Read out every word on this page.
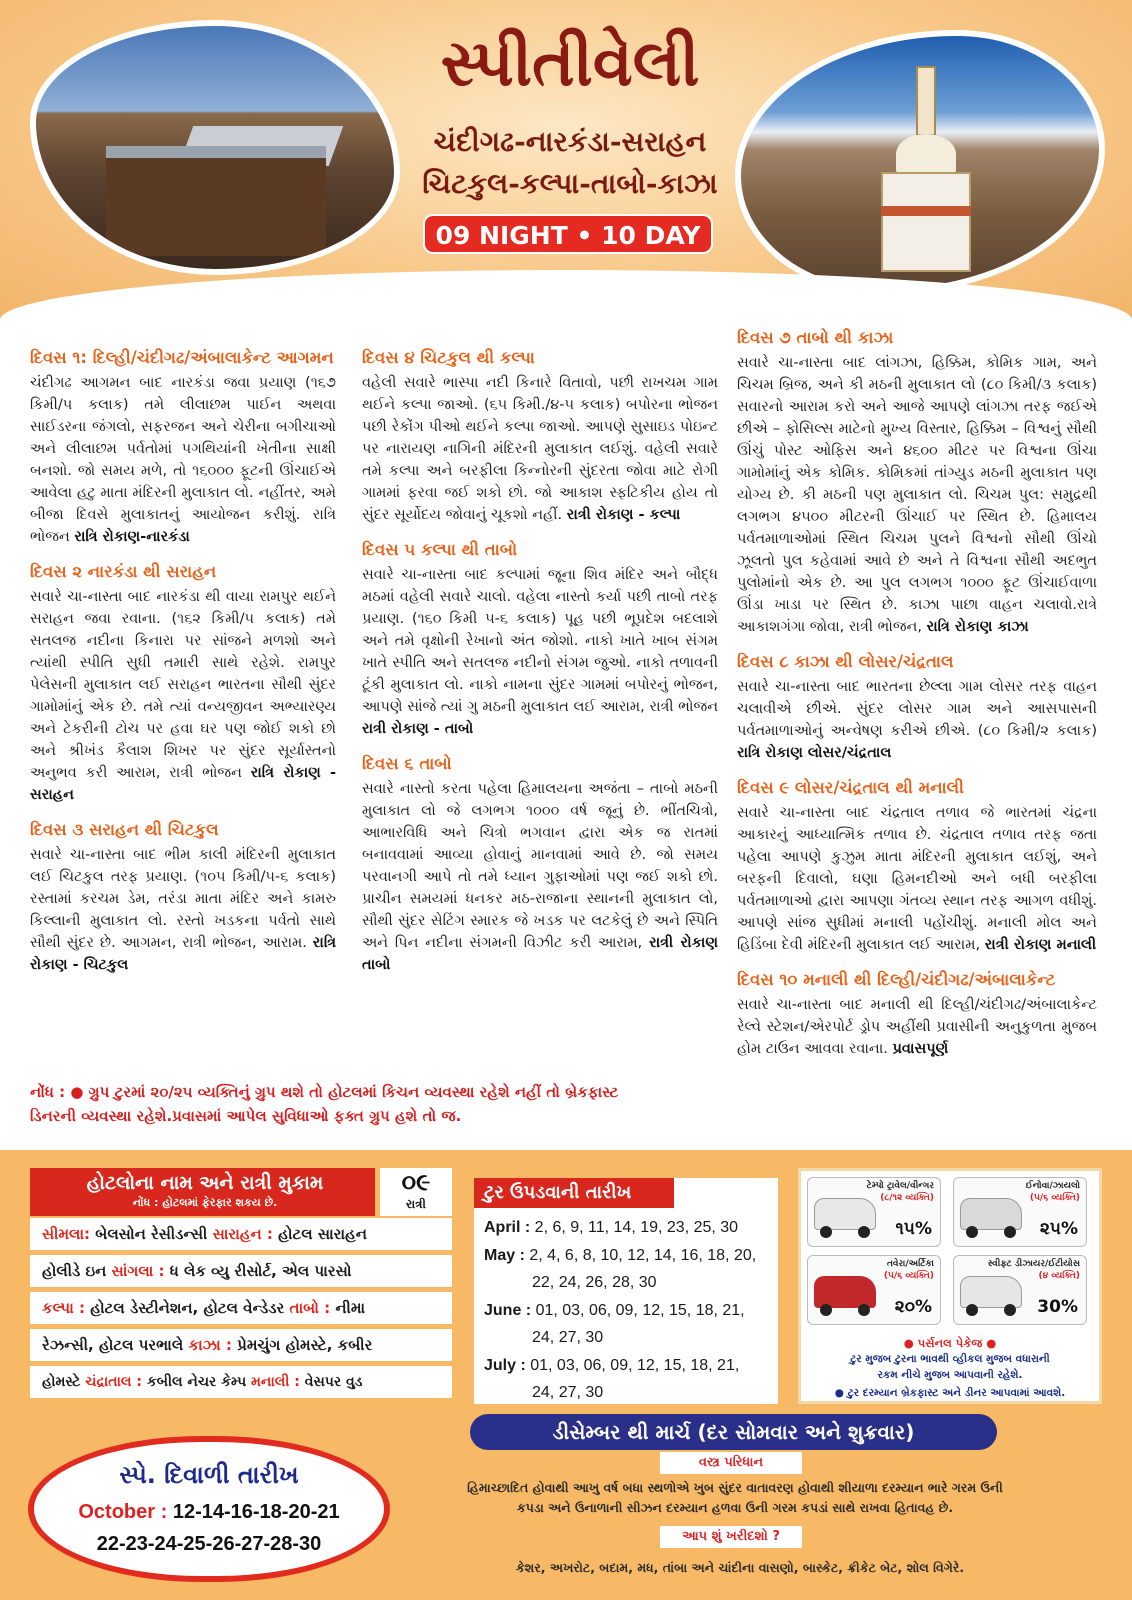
સ્પીતીવેલી
ચંદીગઢ-નારકંડા-સરાહન
ચિટકુલ-કલ્પા-તાબો-કાઝા
09 NIGHT • 10 DAY
દિવસ ૧: દિલ્હી/ચંદીગઢ/અંબાલાકેન્ટ આગમન
ચંદીગઢ આગમન બાદ નારકંડા જવા પ્રયાણ (૧૬૭ કિમી/૫ કલાક) તમે લીલાછમ પાઈન અથવા સાઈડરના જંગલો, સફરજન અને ચેરીના બગીચાઓ અને લીલાછમ પર્વતોમાં પગથિયાંની ખેતીના સાક્ષી બનશો. જો સમય મળે, તો ૧૬૦૦૦ ફૂટની ઊંચાઈએ આવેલા હટુ માતા મંદિરની મુલાકાત લો. નહીંતર, અમે બીજા દિવસે મુલાકાતનું આયોજન કરીશું. રાત્રિ ભોજન રાત્રિ રોકાણ-નારકંડા
દિવસ ૨ નારકંડા થી સરાહન
સવારે ચા-નાસ્તા બાદ નારકંડા થી વાયા રામપુર થઈને સરાહન જવા રવાના. (૧૬૨ કિમી/૫ કલાક) તમે સતલજ નદીના કિનારા પર સાંજને મળશો અને ત્યાંથી સ્પીતિ સુધી તમારી સાથે રહેશે. રામપુર પેલેસની મુલાકાત લઈ સરાહન ભારતના સૌથી સુંદર ગામોમાંનું એક છે. તમે ત્યાં વન્યજીવન અભ્યારણ્ય અને ટેકરીની ટોચ પર હવા ઘર પણ જોઈ શકો છો અને શ્રીખંડ કૈલાશ શિખર પર સુંદર સૂર્યાસ્તનો અનુભવ કરી આરામ, રાત્રી ભોજન રાત્રિ રોકાણ - સરાહન
દિવસ ૩ સરાહન થી ચિટકુલ
સવારે ચા-નાસ્તા બાદ ભીમ કાલી મંદિરની મુલાકાત લઈ ચિટકુલ તરફ પ્રયાણ. (૧૦૫ કિમી/૫-૬ કલાક) રસ્તામાં કરચમ ડેમ, તરંડા માતા મંદિર અને કામરુ કિલ્લાની મુલાકાત લો. રસ્તો ખડકના પર્વતો સાથે સૌથી સુંદર છે. આગમન, રાત્રી ભોજન, આરામ. રાત્રિ રોકાણ - ચિટકુલ
દિવસ ૪ ચિટકુલ થી કલ્પા
વહેલી સવારે ભાસ્પા નદી કિનારે વિતાવો, પછી રાખચમ ગામ થઈને કલ્પા જાઓ. (૬૫ કિમી./૪-૫ કલાક) બપોરના ભોજન પછી રેકોંગ પીઓ થઈને કલ્પા જાઓ. આપણે સુસાઇડ પોઇન્ટ પર નારાયણ નાગિની મંદિરની મુલાકાત લઈશું. વહેલી સવારે તમે કલ્પા અને બરફીલા કિન્નોરની સુંદરતા જોવા માટે રોગી ગામમાં ફરવા જઈ શકો છો. જો આકાશ સ્ફટિકીય હોય તો સુંદર સૂર્યોદય જોવાનું ચૂકશો નહીં. રાત્રી રોકાણ - કલ્પા
દિવસ ૫ કલ્પા થી તાબો
સવારે ચા-નાસ્તા બાદ કલ્પામાં જૂના શિવ મંદિર અને બૌદ્ધ મઠમાં વહેલી સવારે ચાલો. વહેલા નાસ્તો કર્યા પછી તાબો તરફ પ્રયાણ. (૧૬૦ કિમી ૫-૬ કલાક) પૂહ પછી ભૂપ્રદેશ બદલાશે અને તમે વૃક્ષોની રેખાનો અંત જોશો. નાકો ખાતે ખાબ સંગમ ખાતે સ્પીતિ અને સતલજ નદીનો સંગમ જુઓ. નાકો તળાવની ટૂંકી મુલાકાત લો. નાકો નામના સુંદર ગામમાં બપોરનું ભોજન, આપણે સાંજે ત્યાં ગુ મઠની મુલાકાત લઈ આરામ, રાત્રી ભોજન રાત્રી રોકાણ - તાબો
દિવસ ૬ તાબો
સવારે નાસ્તો કરતા પહેલા હિમાલયના અજંતા – તાબો મઠની મુલાકાત લો જે લગભગ ૧૦૦૦ વર્ષ જૂનું છે. ભીંતચિત્રો, આભારવિધિ અને ચિત્રો ભગવાન દ્વારા એક જ રાતમાં બનાવવામાં આવ્યા હોવાનું માનવામાં આવે છે. જો સમય પરવાનગી આપે તો તમે ધ્યાન ગુફાઓમાં પણ જઈ શકો છો. પ્રાચીન સમયમાં ધનકર મઠ-રાજાના સ્થાનની મુલાકાત લો, સૌથી સુંદર સેટિંગ સ્મારક જે ખડક પર લટકેલું છે અને સ્પિતિ અને પિન નદીના સંગમની વિઝીટ કરી આરામ, રાત્રી રોકાણ તાબો
દિવસ ૭ તાબો થી કાઝા
સવારે ચા-નાસ્તા બાદ લાંગઝા, હિક્કિમ, કોમિક ગામ, અને ચિચમ બ્રિજ, અને કી મઠની મુલાકાત લો (૮૦ કિમી/૩ કલાક) સવારનો આરામ કરો અને આજે આપણે લાંગઝા તરફ જઈએ છીએ – ફોસિલ્સ માટેનો મુખ્ય વિસ્તાર, હિક્કિમ – વિશ્વનું સૌથી ઊંચું પોસ્ટ ઓફિસ અને ૪૬૦૦ મીટર પર વિશ્વના ઊંચા ગામોમાંનું એક કોમિક. કોમિકમાં તાંગ્યુડ મઠની મુલાકાત પણ યોગ્ય છે. કી મઠની પણ મુલાકાત લો. ચિચમ પુલ: સમુદ્રથી લગભગ ૪૫૦૦ મીટરની ઊંચાઈ પર સ્થિત છે. હિમાલય પર્વતમાળાઓમાં સ્થિત ચિચમ પુલને વિશ્વનો સૌથી ઊંચો ઝૂલતો પુલ કહેવામાં આવે છે અને તે વિશ્વના સૌથી અદભુત પુલોમાંનો એક છે. આ પુલ લગભગ ૧૦૦૦ ફૂટ ઊંચાઈવાળા ઊંડા ખાડા પર સ્થિત છે. કાઝા પાછા વાહન ચલાવો.રાત્રે આકાશગંગા જોવા, રાત્રી ભોજન, રાત્રિ રોકાણ કાઝા
દિવસ ૮ કાઝા થી લોસર/ચંદ્રતાલ
સવારે ચા-નાસ્તા બાદ ભારતના છેલ્લા ગામ લોસર તરફ વાહન ચલાવીએ છીએ. સુંદર લોસર ગામ અને આસપાસની પર્વતમાળાઓનું અન્વેષણ કરીએ છીએ. (૮૦ કિમી/૨ કલાક) રાત્રિ રોકાણ લોસર/ચંદ્રતાલ
દિવસ ૯ લોસર/ચંદ્રતાલ થી મનાલી
સવારે ચા-નાસ્તા બાદ ચંદ્રતાલ તળાવ જે ભારતમાં ચંદ્રના આકારનું આધ્યાત્મિક તળાવ છે. ચંદ્રતાલ તળાવ તરફ જતા પહેલા આપણે કુઝુમ માતા મંદિરની મુલાકાત લઈશું, અને બરફની દિવાલો, ઘણા હિમનદીઓ અને બધી બરફીલા પર્વતમાળાઓ દ્વારા આપણા ગંતવ્ય સ્થાન તરફ આગળ વધીશું. આપણે સાંજ સુધીમાં મનાલી પહોંચીશું. મનાલી મોલ અને હિડિંબા દેવી મંદિરની મુલાકાત લઈ આરામ, રાત્રી રોકાણ મનાલી
દિવસ ૧૦ મનાલી થી દિલ્હી/ચંદીગઢ/અંબાલાકેન્ટ
સવારે ચા-નાસ્તા બાદ મનાલી થી દિલ્હી/ચંદીગઢ/અંબાલાકેન્ટ રેલ્વે સ્ટેશન/એરપોર્ટ ડ્રોપ અહીંથી પ્રવાસીની અનુકુળતા મુજબ હોમ ટાઉન આવવા રવાના. પ્રવાસપૂર્ણ
નોંધ : ● ગ્રુપ ટુરમાં ૨૦/૨૫ વ્યક્તિનું ગ્રુપ થશે તો હોટલમાં કિચન વ્યવસ્થા રહેશે નહીં તો બ્રેકફાસ્ટ
ડિનરની વ્યવસ્થા રહેશે.પ્રવાસમાં આપેલ સુવિધાઓ ફક્ત ગ્રુપ હશે તો જ.
હોટલોના નામ અને રાત્રી મુકામ
નોંધ : હોટલમાં ફેરફાર શકય છે.
૦૯
રાત્રી
સીમલા: બેલસોન રેસીડન્સી સારાહન : હોટલ સારાહન
હોલીડે ઇન સાંગલા : ધ લેક વ્યુ રીસોર્ટ, એલ પારસો
કલ્પા : હોટલ ડેસ્ટીનેશન, હોટલ વેન્ડેડર તાબો : નીમા
રેઝન્સી, હોટલ પરભાલે કાઝા : પ્રેમચુંગ હોમસ્ટે, કબીર
હોમસ્ટે ચંદ્રાતાલ : કબીલ નેચર કેમ્પ મનાલી : વેસપર વુડ
ટુર ઉપડવાની તારીખ
April : 2, 6, 9, 11, 14, 19, 23, 25, 30
May : 2, 4, 6, 8, 10, 12, 14, 16, 18, 20,
22, 24, 26, 28, 30
June : 01, 03, 06, 09, 12, 15, 18, 21,
24, 27, 30
July : 01, 03, 06, 09, 12, 15, 18, 21,
24, 27, 30
ટેમ્પો ટ્રાવેલ/વીન્ગર
(૮/૧૨ વ્યક્તિ)
૧૫%
ઈનોવા/ઝાયલો
(૫/૬ વ્યક્તિ)
૨૫%
તવેરા/અર્ટિકા
(૫/૬ વ્યક્તિ)
૨૦%
સ્વીફ્ટ ડીઝાયર/ઈટીયોસ
(૪ વ્યક્તિ)
30%
● પર્સનલ પેકેજ ●
ટુર મુજબ ટુરના ભાવથી વ્હીકલ મુજબ વધારાની
રકમ નીચે મુજબ આપવાની રહેશે.
● ટુર દરમ્યાન બ્રેકફાસ્ટ અને ડીનર આપવામાં આવશે.
ડીસેમ્બર થી માર્ચ (દર સોમવાર અને શુક્રવાર)
વસ્ત્ર પરિધાન
હિમાચ્છાદિત હોવાથી આખુ વર્ષ બધા સ્થળોએ ખુબ સુંદર વાતાવરણ હોવાથી શીયાળા દરમ્યાન ભારે ગરમ ઉની
કપડા અને ઉનાળાની સીઝન દરમ્યાન હળવા ઉની ગરમ કપડાં સાથે રાખવા હિતાવહ છે.
આપ શું ખરીદશો ?
કેશર, અખરોટ, બદામ, મધ, તાંબા અને ચાંદીના વાસણો, બાસ્કેટ, ક્રીકેટ બેટ, શોલ વિગેરે.
સ્પે. દિવાળી તારીખ
October : 12-14-16-18-20-21
22-23-24-25-26-27-28-30
